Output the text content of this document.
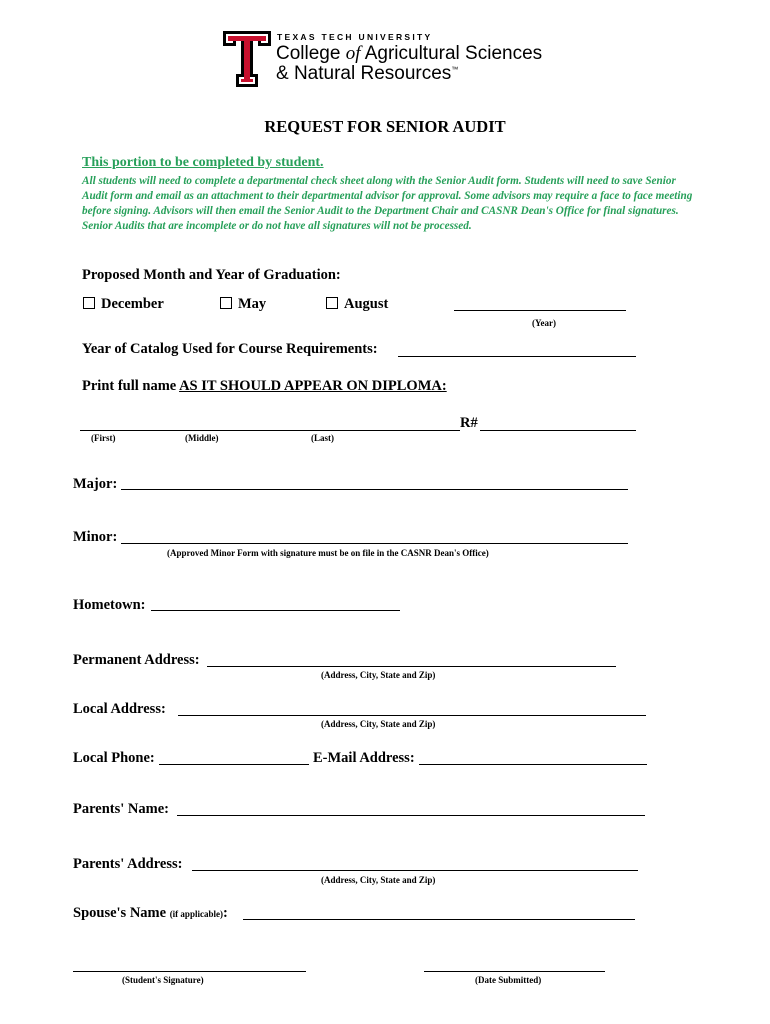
TEXAS TECH UNIVERSITY
College of Agricultural Sciences
& Natural Resources™
REQUEST FOR SENIOR AUDIT
This portion to be completed by student.
All students will need to complete a departmental check sheet along with the Senior Audit form. Students will need to save Senior Audit form and email as an attachment to their departmental advisor for approval. Some advisors may require a face to face meeting before signing. Advisors will then email the Senior Audit to the Department Chair and CASNR Dean's Office for final signatures. Senior Audits that are incomplete or do not have all signatures will not be processed.
Proposed Month and Year of Graduation:
December	May	August
(Year)
Year of Catalog Used for Course Requirements:
Print full name AS IT SHOULD APPEAR ON DIPLOMA:
R#
(First)	(Middle)	(Last)
Major:
Minor:
(Approved Minor Form with signature must be on file in the CASNR Dean's Office)
Hometown:
Permanent Address:
(Address, City, State and Zip)
Local Address:
(Address, City, State and Zip)
Local Phone:	E-Mail Address:
Parents' Name:
Parents' Address:
(Address, City, State and Zip)
Spouse's Name (if applicable):
(Student's Signature)	(Date Submitted)
